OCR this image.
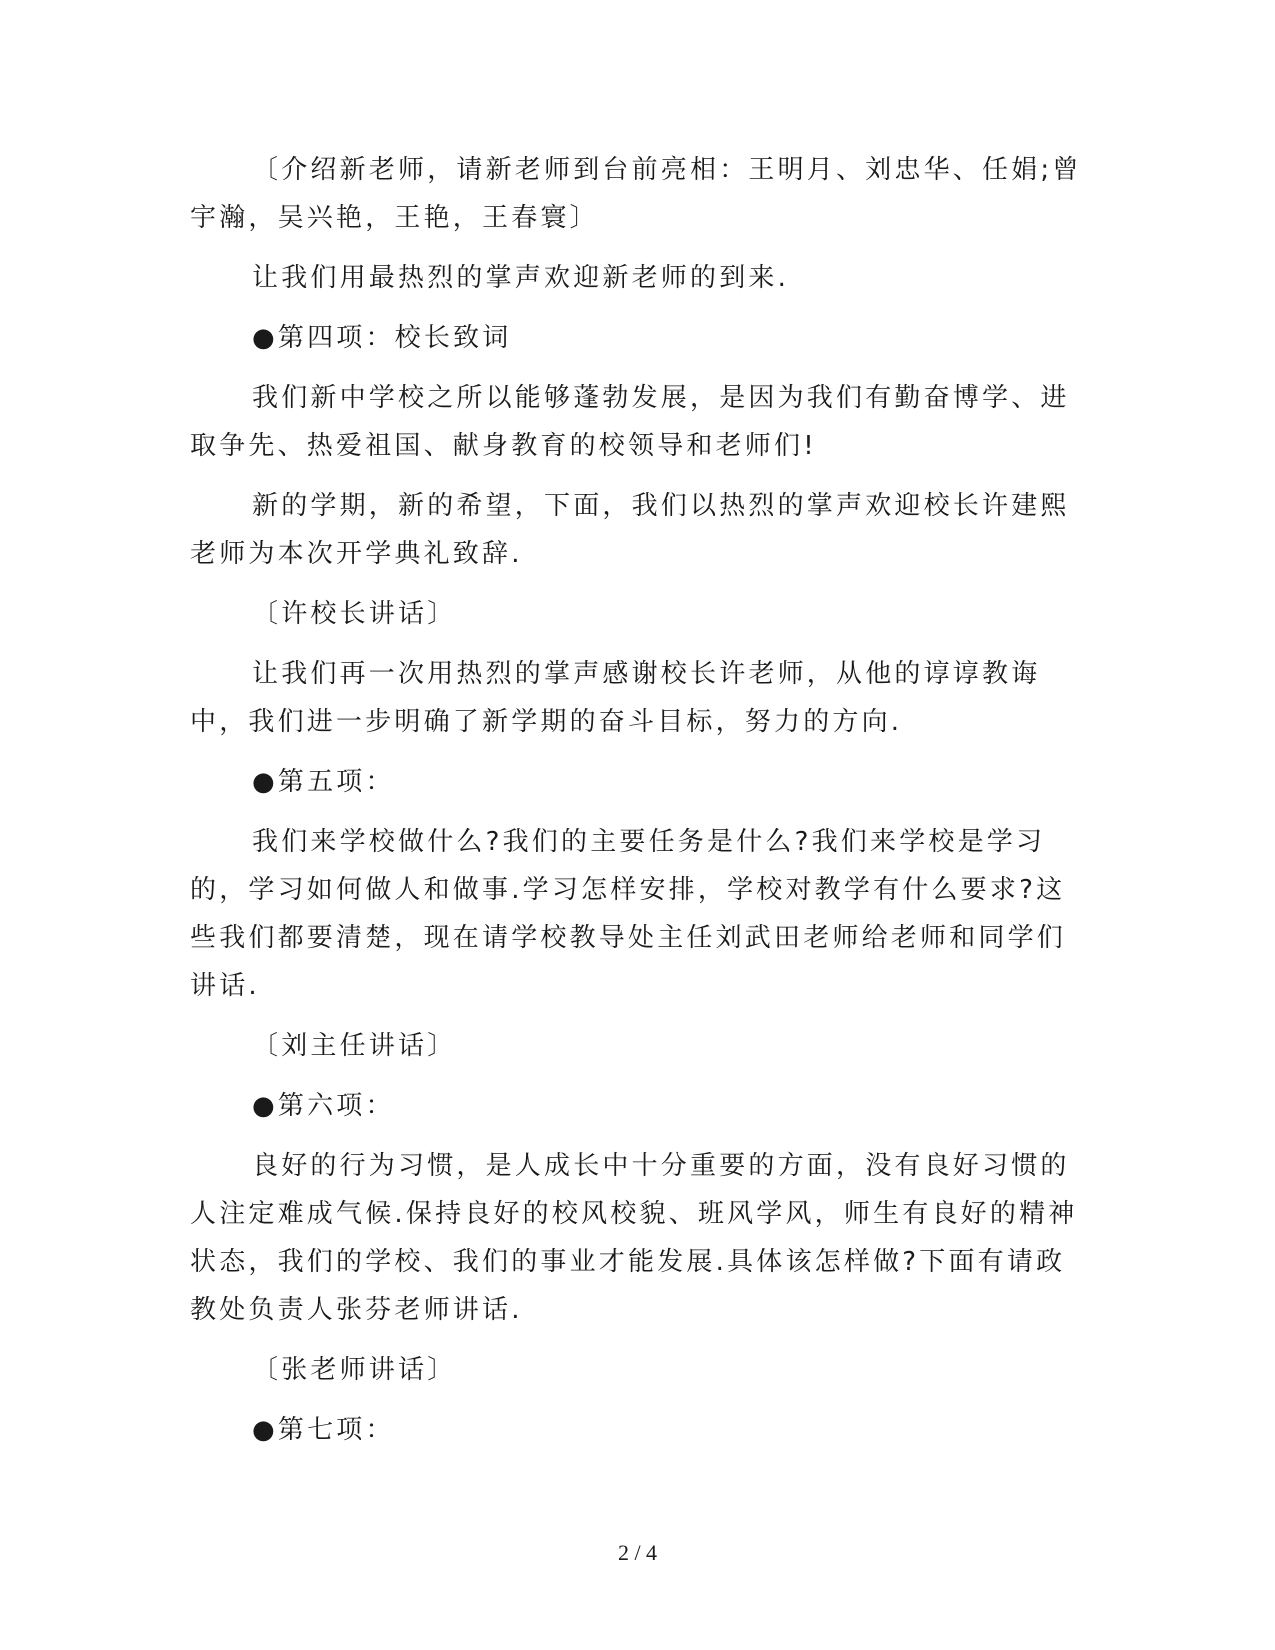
〔介绍新老师，请新老师到台前亮相：王明月、刘忠华、任娟;曾宇瀚，吴兴艳，王艳，王春寰〕

让我们用最热烈的掌声欢迎新老师的到来.

●第四项：校长致词

我们新中学校之所以能够蓬勃发展，是因为我们有勤奋博学、进取争先、热爱祖国、献身教育的校领导和老师们!

新的学期，新的希望，下面，我们以热烈的掌声欢迎校长许建熙老师为本次开学典礼致辞.

〔许校长讲话〕

让我们再一次用热烈的掌声感谢校长许老师，从他的谆谆教诲中，我们进一步明确了新学期的奋斗目标，努力的方向.

●第五项：

我们来学校做什么?我们的主要任务是什么?我们来学校是学习的，学习如何做人和做事.学习怎样安排，学校对教学有什么要求?这些我们都要清楚，现在请学校教导处主任刘武田老师给老师和同学们讲话.

〔刘主任讲话〕

●第六项：

良好的行为习惯，是人成长中十分重要的方面，没有良好习惯的人注定难成气候.保持良好的校风校貌、班风学风，师生有良好的精神状态，我们的学校、我们的事业才能发展.具体该怎样做?下面有请政教处负责人张芬老师讲话.

〔张老师讲话〕

●第七项：

2 / 4
